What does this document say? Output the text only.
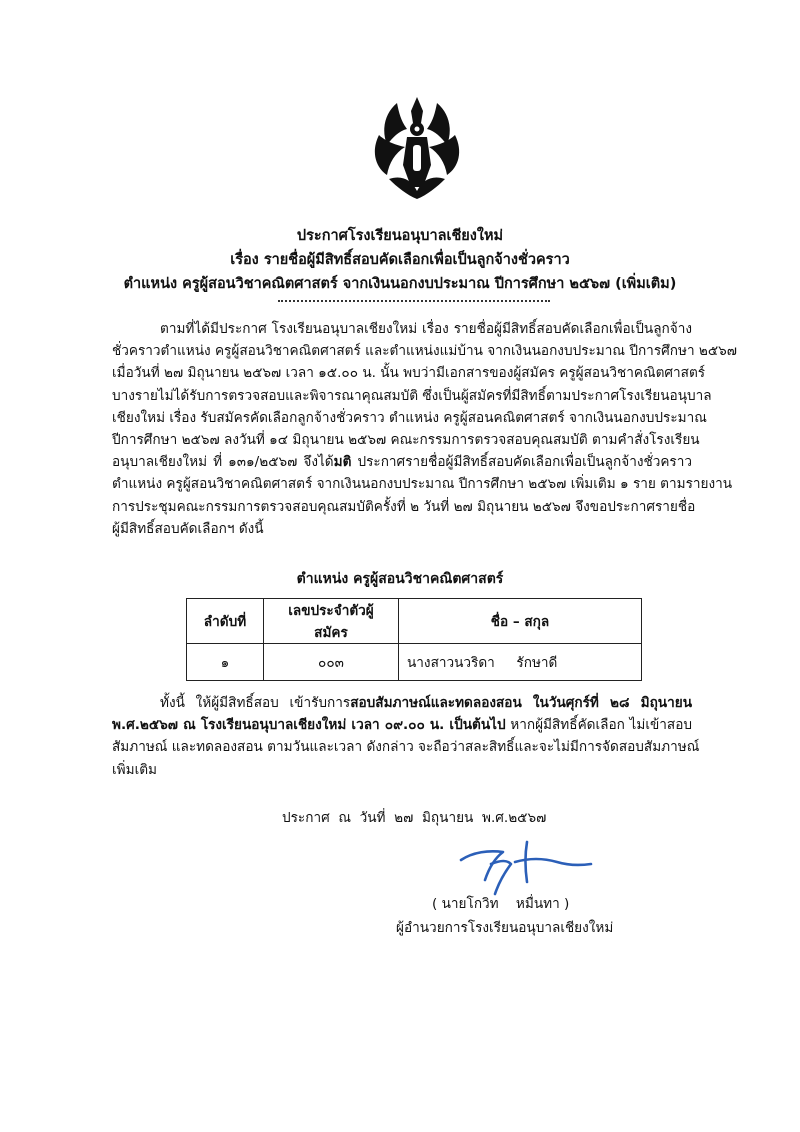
ประกาศโรงเรียนอนุบาลเชียงใหม่
เรื่อง รายชื่อผู้มีสิทธิ์สอบคัดเลือกเพื่อเป็นลูกจ้างชั่วคราว
ตำแหน่ง ครูผู้สอนวิชาคณิตศาสตร์ จากเงินนอกงบประมาณ ปีการศึกษา ๒๕๖๗ (เพิ่มเติม)
ตามที่ได้มีประกาศ โรงเรียนอนุบาลเชียงใหม่ เรื่อง รายชื่อผู้มีสิทธิ์สอบคัดเลือกเพื่อเป็นลูกจ้าง
ชั่วคราวตำแหน่ง ครูผู้สอนวิชาคณิตศาสตร์ และตำแหน่งแม่บ้าน จากเงินนอกงบประมาณ ปีการศึกษา ๒๕๖๗
เมื่อวันที่ ๒๗ มิถุนายน ๒๕๖๗ เวลา ๑๕.๐๐ น. นั้น พบว่ามีเอกสารของผู้สมัคร ครูผู้สอนวิชาคณิตศาสตร์
บางรายไม่ได้รับการตรวจสอบและพิจารณาคุณสมบัติ ซึ่งเป็นผู้สมัครที่มีสิทธิ์ตามประกาศโรงเรียนอนุบาล
เชียงใหม่ เรื่อง รับสมัครคัดเลือกลูกจ้างชั่วคราว ตำแหน่ง ครูผู้สอนคณิตศาสตร์ จากเงินนอกงบประมาณ
ปีการศึกษา ๒๕๖๗ ลงวันที่ ๑๔ มิถุนายน ๒๕๖๗ คณะกรรมการตรวจสอบคุณสมบัติ ตามคำสั่งโรงเรียน
อนุบาลเชียงใหม่ ที่ ๑๓๑/๒๕๖๗ จึงได้มติ ประกาศรายชื่อผู้มีสิทธิ์สอบคัดเลือกเพื่อเป็นลูกจ้างชั่วคราว
ตำแหน่ง ครูผู้สอนวิชาคณิตศาสตร์ จากเงินนอกงบประมาณ ปีการศึกษา ๒๕๖๗ เพิ่มเติม ๑ ราย ตามรายงาน
การประชุมคณะกรรมการตรวจสอบคุณสมบัติครั้งที่ ๒ วันที่ ๒๗ มิถุนายน ๒๕๖๗ จึงขอประกาศรายชื่อ
ผู้มีสิทธิ์สอบคัดเลือกฯ ดังนี้
ตำแหน่ง ครูผู้สอนวิชาคณิตศาสตร์
ลำดับที่	เลขประจำตัวผู้สมัคร	ชื่อ – สกุล
๑	๐๐๓	นางสาวนวริดา     รักษาดี
ทั้งนี้ ให้ผู้มีสิทธิ์สอบ เข้ารับการสอบสัมภาษณ์และทดลองสอน ในวันศุกร์ที่ ๒๘ มิถุนายน
พ.ศ.๒๕๖๗ ณ โรงเรียนอนุบาลเชียงใหม่ เวลา ๐๙.๐๐ น. เป็นต้นไป หากผู้มีสิทธิ์คัดเลือก ไม่เข้าสอบ
สัมภาษณ์ และทดลองสอน ตามวันและเวลา ดังกล่าว จะถือว่าสละสิทธิ์และจะไม่มีการจัดสอบสัมภาษณ์
เพิ่มเติม
ประกาศ  ณ  วันที่  ๒๗  มิถุนายน  พ.ศ.๒๕๖๗
( นายโกวิท    หมื่นทา )
ผู้อำนวยการโรงเรียนอนุบาลเชียงใหม่
